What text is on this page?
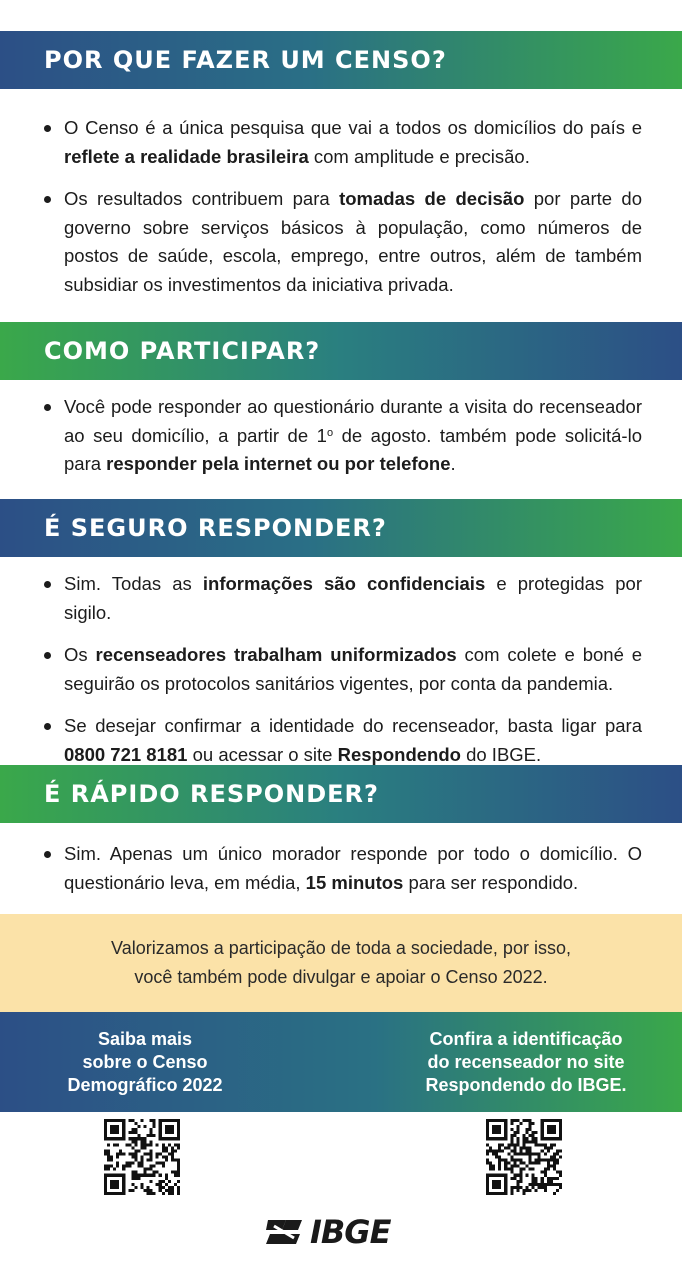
POR QUE FAZER UM CENSO?

O Censo é a única pesquisa que vai a todos os domicílios do país e reflete a realidade brasileira com amplitude e precisão.

Os resultados contribuem para tomadas de decisão por parte do governo sobre serviços básicos à população, como números de postos de saúde, escola, emprego, entre outros, além de também subsidiar os investimentos da iniciativa privada.

COMO PARTICIPAR?

Você pode responder ao questionário durante a visita do recenseador ao seu domicílio, a partir de 1$^o$ de agosto. também pode solicitá-lo para responder pela internet ou por telefone.

É SEGURO RESPONDER?

Sim. Todas as informações são confidenciais e protegidas por sigilo.

Os recenseadores trabalham uniformizados com colete e boné e seguirão os protocolos sanitários vigentes, por conta da pandemia.

Se desejar confirmar a identidade do recenseador, basta ligar para 0800 721 8181 ou acessar o site Respondendo do IBGE.

É RÁPIDO RESPONDER?

Sim. Apenas um único morador responde por todo o domicílio. O questionário leva, em média, 15 minutos para ser respondido.

Valorizamos a participação de toda a sociedade, por isso,
você também pode divulgar e apoiar o Censo 2022.
Saiba mais
sobre o Censo
Demográfico 2022
Confira a identificação
do recenseador no site
Respondendo do IBGE.
IBGE
